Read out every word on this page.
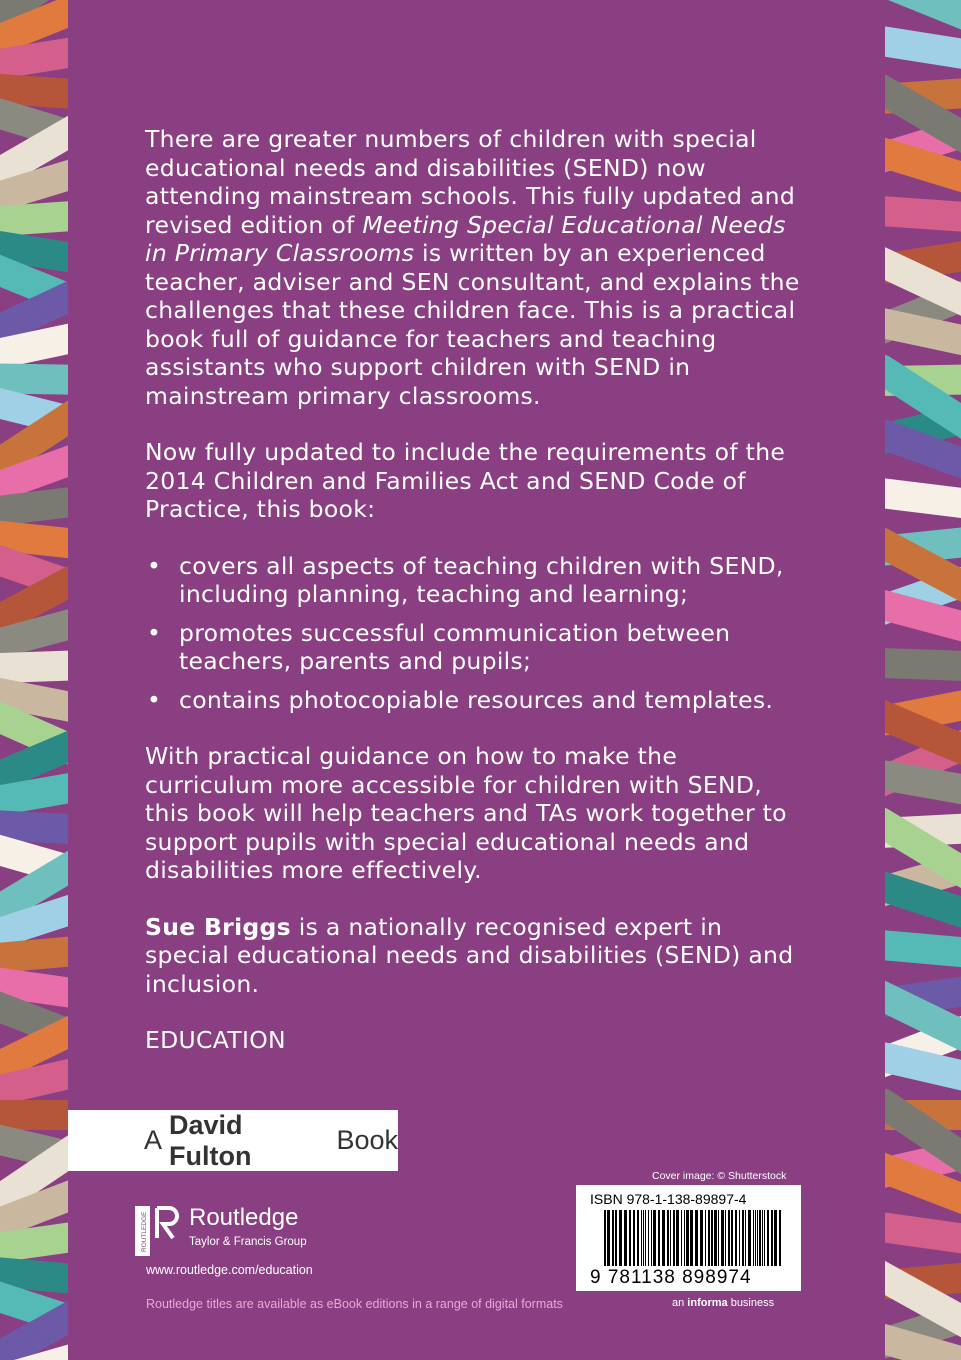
There are greater numbers of children with special educational needs and disabilities (SEND) now attending mainstream schools. This fully updated and revised edition of Meeting Special Educational Needs in Primary Classrooms is written by an experienced teacher, adviser and SEN consultant, and explains the challenges that these children face. This is a practical book full of guidance for teachers and teaching assistants who support children with SEND in mainstream primary classrooms.

Now fully updated to include the requirements of the 2014 Children and Families Act and SEND Code of Practice, this book:

• covers all aspects of teaching children with SEND, including planning, teaching and learning;
• promotes successful communication between teachers, parents and pupils;
• contains photocopiable resources and templates.

With practical guidance on how to make the curriculum more accessible for children with SEND, this book will help teachers and TAs work together to support pupils with special educational needs and disabilities more effectively.

Sue Briggs is a nationally recognised expert in special educational needs and disabilities (SEND) and inclusion.

EDUCATION

A
David Fulton
Book
ROUTLEDGE Routledge
Taylor & Francis Group
www.routledge.com/education
Routledge titles are available as eBook editions in a range of digital formats
Cover image: © Shutterstock
ISBN 978-1-138-89897-4
9 781138 898974
an informa business
